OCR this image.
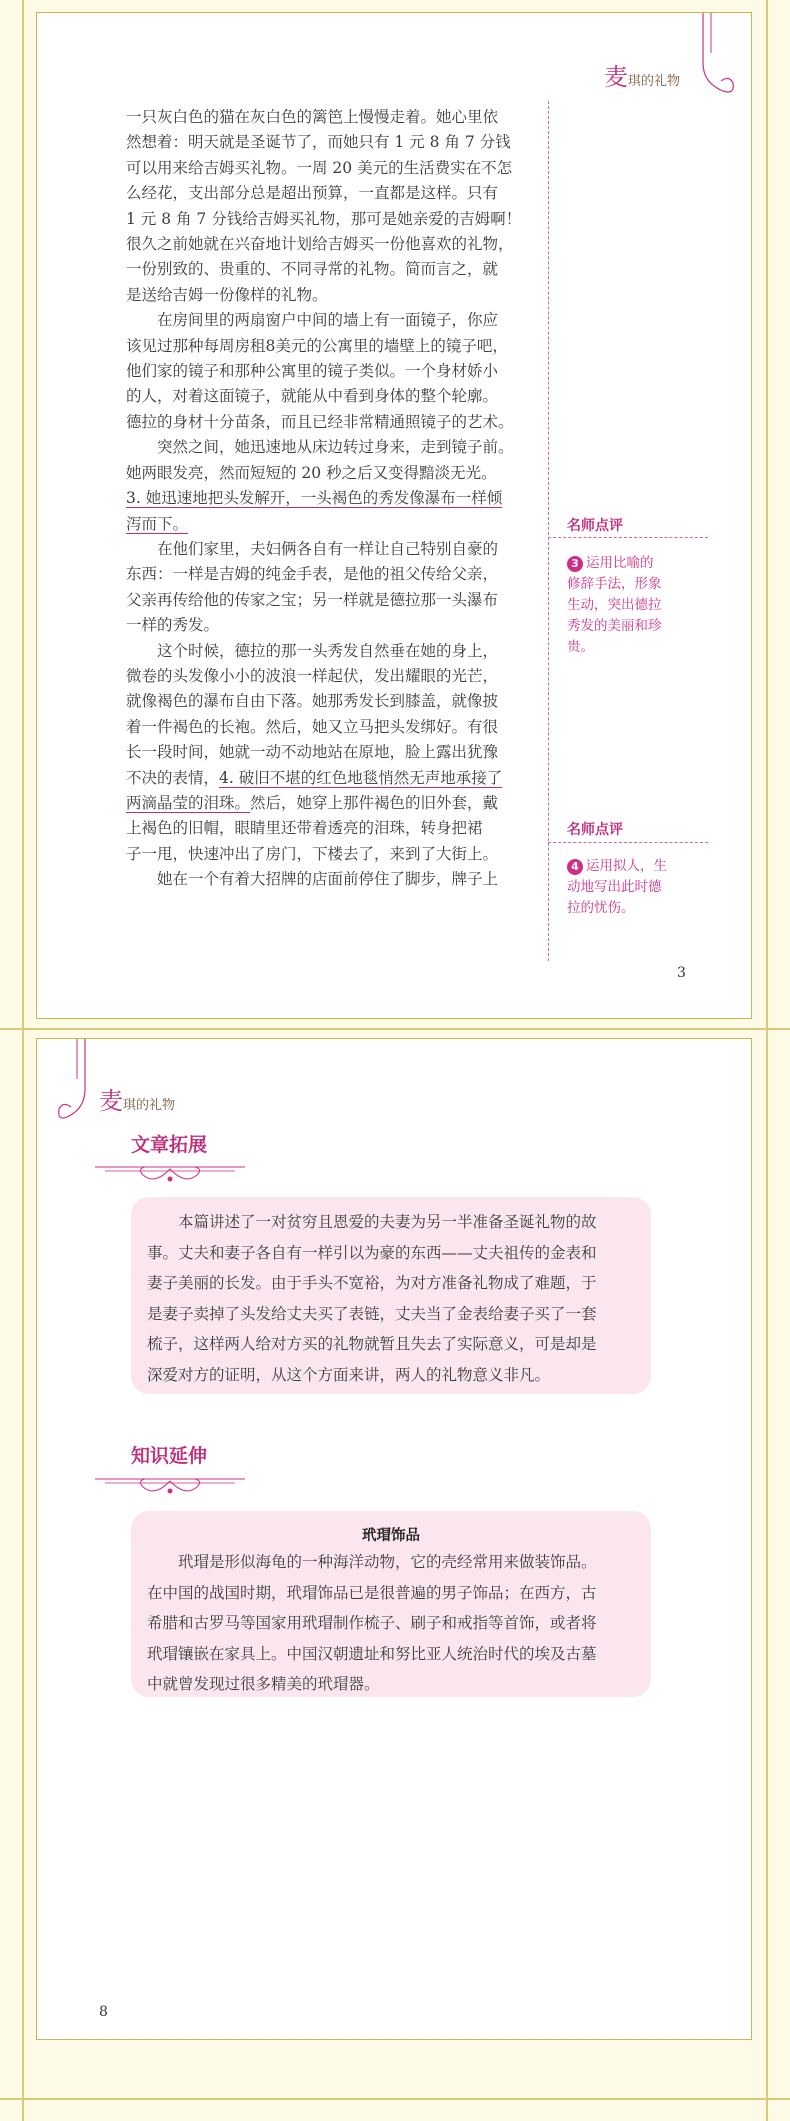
麦琪的礼物
一只灰白色的猫在灰白色的篱笆上慢慢走着。她心里依
然想着：明天就是圣诞节了，而她只有 1 元 8 角 7 分钱
可以用来给吉姆买礼物。一周 20 美元的生活费实在不怎
么经花，支出部分总是超出预算，一直都是这样。只有
1 元 8 角 7 分钱给吉姆买礼物，那可是她亲爱的吉姆啊！
很久之前她就在兴奋地计划给吉姆买一份他喜欢的礼物，
一份别致的、贵重的、不同寻常的礼物。简而言之，就
是送给吉姆一份像样的礼物。
在房间里的两扇窗户中间的墙上有一面镜子，你应
该见过那种每周房租8美元的公寓里的墙壁上的镜子吧，
他们家的镜子和那种公寓里的镜子类似。一个身材娇小
的人，对着这面镜子，就能从中看到身体的整个轮廓。
德拉的身材十分苗条，而且已经非常精通照镜子的艺术。
突然之间，她迅速地从床边转过身来，走到镜子前。
她两眼发亮，然而短短的 20 秒之后又变得黯淡无光。
3. 她迅速地把头发解开，一头褐色的秀发像瀑布一样倾
泻而下。
在他们家里，夫妇俩各自有一样让自己特别自豪的
东西：一样是吉姆的纯金手表，是他的祖父传给父亲，
父亲再传给他的传家之宝；另一样就是德拉那一头瀑布
一样的秀发。
这个时候，德拉的那一头秀发自然垂在她的身上，
微卷的头发像小小的波浪一样起伏，发出耀眼的光芒，
就像褐色的瀑布自由下落。她那秀发长到膝盖，就像披
着一件褐色的长袍。然后，她又立马把头发绑好。有很
长一段时间，她就一动不动地站在原地，脸上露出犹豫
不决的表情，4. 破旧不堪的红色地毯悄然无声地承接了
两滴晶莹的泪珠。然后，她穿上那件褐色的旧外套，戴
上褐色的旧帽，眼睛里还带着透亮的泪珠，转身把裙
子一甩，快速冲出了房门，下楼去了，来到了大街上。
她在一个有着大招牌的店面前停住了脚步，牌子上
名师点评
3 运用比喻的
修辞手法，形象
生动，突出德拉
秀发的美丽和珍
贵。
名师点评
4 运用拟人，生
动地写出此时德
拉的忧伤。
3
麦琪的礼物
文章拓展
本篇讲述了一对贫穷且恩爱的夫妻为另一半准备圣诞礼物的故
事。丈夫和妻子各自有一样引以为豪的东西——丈夫祖传的金表和
妻子美丽的长发。由于手头不宽裕，为对方准备礼物成了难题，于
是妻子卖掉了头发给丈夫买了表链，丈夫当了金表给妻子买了一套
梳子，这样两人给对方买的礼物就暂且失去了实际意义，可是却是
深爱对方的证明，从这个方面来讲，两人的礼物意义非凡。
知识延伸
玳瑁饰品
玳瑁是形似海龟的一种海洋动物，它的壳经常用来做装饰品。
在中国的战国时期，玳瑁饰品已是很普遍的男子饰品；在西方，古
希腊和古罗马等国家用玳瑁制作梳子、刷子和戒指等首饰，或者将
玳瑁镶嵌在家具上。中国汉朝遗址和努比亚人统治时代的埃及古墓
中就曾发现过很多精美的玳瑁器。
8
